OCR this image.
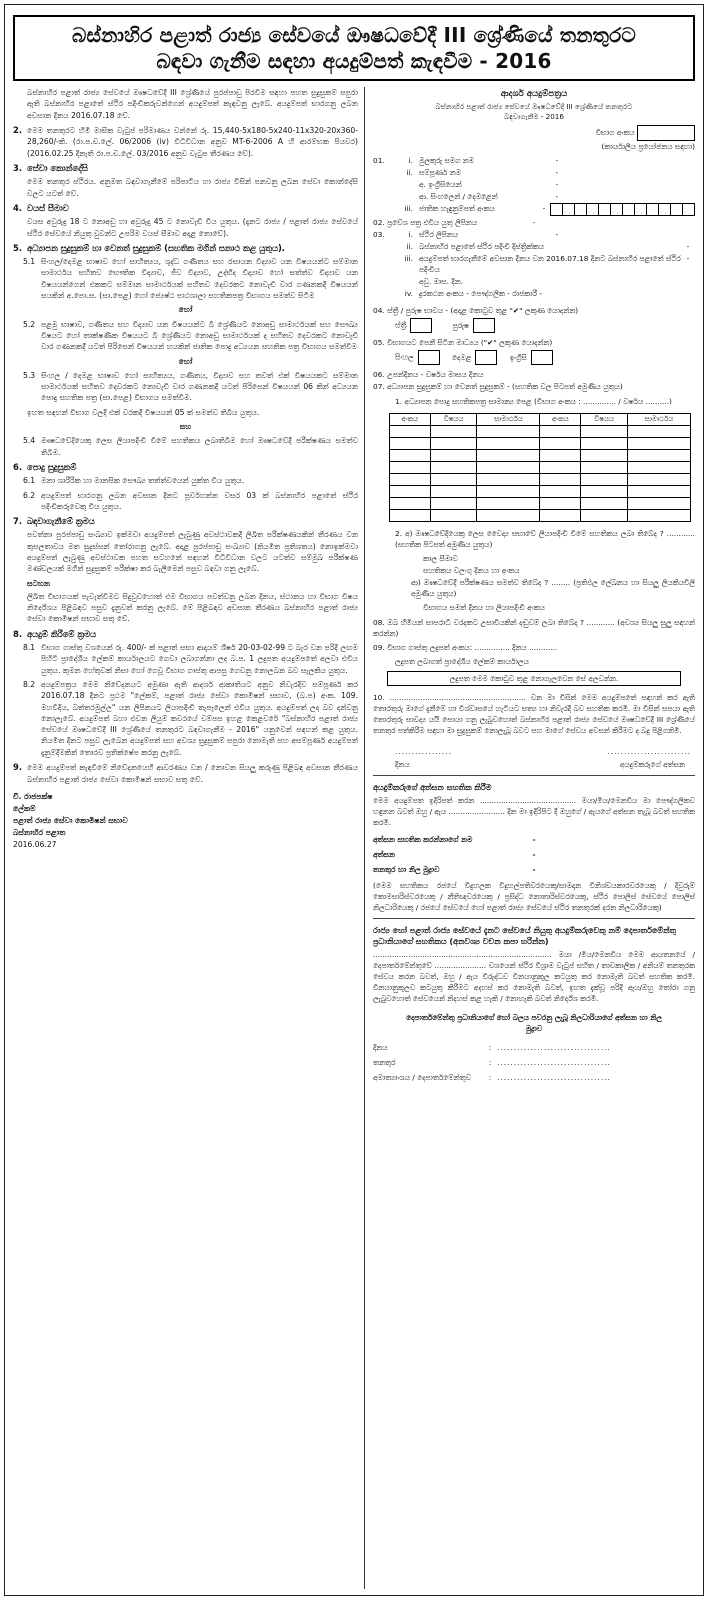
බස්නාහිර පළාත් රාජ්‍ය සේවයේ ඖෂධවේදී III ශ්‍රේණියේ තනතුරට
බඳවා ගැනීම සඳහා අයදුම්පත් කැඳවීම - 2016
බස්නාහිර පළාත් රාජ්‍ය සේවයේ ඖෂධවේදී III ශ්‍රේණියේ පුරප්පාඩු පිරවීම සඳහා පහත සුදුසුකම් සපුරා ඇති බස්නාහිර පළාතේ ස්ථිර පදිංචිකරුවන්ගෙන් අයදුම්පත් කැඳවනු ලැබේ. අයදුම්පත් භාරගනු ලබන අවසාන දිනය 2016.07.18 වේ.
2. මෙම තනතුරට හිමි මාසික වැටුප් පරිමාණය වන්නේ රු. 15,440-5x180-5x240-11x320-20x360-28,260/-කි. (රා.ප.ච.ලේ. 06/2006 (iv) විධිවිධාන අනුව MT-6-2006 A හි ආරම්භක පියවර) (2016.02.25 දිනැති රා.ප.ච.ලේ. 03/2016 අනුව වැටුප තීරණය වේ).
3. සේවා කොන්දේසි
මෙම තනතුර ස්ථිරය. අනුමත බඳවාගැනීමේ පරිපාටිය හා රාජ්‍ය විසින් පනවනු ලබන සේවා කොන්දේසි වලට යටත් වේ.
4. වයස් සීමාව
වයස අවුරුදු 18 ට නොඅඩු හා අවුරුදු 45 ට නොවැඩි විය යුතුය. (දැනට රාජ්‍ය / පළාත් රාජ්‍ය සේවයේ ස්ථිර සේවයේ නියුතු වුවන්ට උපරිම වයස් සීමාව අදාළ නොවේ).
5. අධ්‍යාපන සුදුසුකම් හා වෙනත් සුදුසුකම් (සහතික මගින් සනාථ කළ යුතුය).
5.1 සිංහල/දෙමළ භාෂාව හෝ සාහිත්‍යය, ශුද්ධ ගණිතය සහ රසායන විද්‍යාව යන විෂයයන්ට සම්මාන සාමාර්ථය සහිතව භෞතික විද්‍යාව, ජීව විද්‍යාව, උද්භිද විද්‍යාව හෝ සත්ත්ව විද්‍යාව යන විෂයයන්ගෙන් එකකට සම්මාන සාමාර්ථයක් සහිතව දෙවරකට නොවැඩි වාර ගණනකදී විෂයයන් සයකින් අ.පො.ස. (සා.පෙළ) හෝ ජ්‍යෙෂ්ඨ පාඨශාලා සහතිකපත්‍ර විභාගය සමත්ව සිටීම
හෝ
5.2 පළමු භාෂාව, ගණිතය සහ විද්‍යාව යන විෂයයන්ට බී ශ්‍රේණියට නොඅඩු සාමාර්ථයක් සහ සෞඛ්‍ය විෂයට හෝ තාක්ෂණික විෂයයට බී ශ්‍රේණියට නොඅඩු සාමාර්ථයක් ද සහිතව දෙවරකට නොවැඩි වාර ගණනකදී යටත් පිරිසෙන් විෂයයන් හයකින් ජාතික පොදු අධ්‍යයන සහතික පත්‍ර විභාගය සමත්වීම
හෝ
5.3 සිංහල / දෙමළ භාෂාව හෝ සාහිත්‍යය, ගණිතය, විද්‍යාව සහ තවත් එක් විෂයයකට සම්මාන සාමාර්ථයක් සහිතව දෙවරකට නොවැඩි වාර ගණනකදී යටත් පිරිසෙන් විෂයයන් 06 කින් අධ්‍යයන පොදු සහතික පත්‍ර (සා.පෙළ) විභාගය සමත්වීම.
ඉහත සඳහන් විභාග වලදී එක් වරකදී විෂයයන් 05 ක් සමත්ව තිබිය යුතුය.
සහ
5.4 ඖෂධවේදියෙකු ලෙස ලියාපදිංචි වීමේ සහතිකය ලබාතිබීම හෝ ඖෂධවේදී පරීක්ෂණය සමත්ව තිබීම.
6. පොදු සුදුසුකම්
6.1 මනා ශාරීරික හා මානසික සෞඛ්‍ය තත්ත්වයෙන් යුක්ත විය යුතුය.
6.2 අයදුම්පත් භාරගනු ලබන අවසාන දිනට පූර්වහන්න වසර 03 ක් බස්නාහිර පළාතේ ස්ථිර පදිංචිකරුවෙකු විය යුතුය.
7. බඳවාගැනීමේ ක්‍රමය
පවත්නා පුරප්පාඩු සංඛ්‍යාව ඉක්මවා අයදුම්පත් ලැබුණු අවස්ථාවකදී ලිඛිත පරීක්ෂණයකින් තීරණය වන කුසලතාවය මත සුදුස්සන් තෝරාගනු ලැබේ. අදාළ පුරප්පාඩු සංඛ්‍යාව (නියමිත ප්‍රතිශතය) නොඉක්මවා අයදුම්පත් ලැබුණු අවස්ථාවක පහත සටහනේ සඳහන් විධිවිධාන වලට යටත්ව සම්මුඛ පරීක්ෂණ මණ්ඩලයක් මගින් සුදුසුකම් පරීක්ෂා කර බැලීමෙන් පසුව බඳවා ගනු ලැබේ.
සටහන
ලිඛිත විභාගයක් පැවැත්වීමට සිදුවුවහොත් එම විභාගය පවත්වනු ලබන දිනය, ස්ථානය හා විභාග විෂය නිර්දේශය පිළිබඳව පසුව දැනුවත් කරනු ලැබේ. මේ පිළිබඳව අවසාන තීරණය බස්නාහිර පළාත් රාජ්‍ය සේවා කොමිෂන් සභාව සතු වේ.
8. අයදුම් කිරීමේ ක්‍රමය
8.1 විභාග ගාස්තු වශයෙන් රු. 400/- ක් පළාත් සභා ආදායම් ශීර්ෂ 20-03-02-99 ට බැර වන පරිදි ලඟම පිහිටි ප්‍රාදේශීය ලේකම් කාර්යාලයට ගෙවා ලබාගන්නා ලද බ.ප. 1 ලදුපත අයදුම්පතේ අලවා එවිය යුතුය. කුමන හේතුවක් නිසා හෝ ගෙවූ විභාග ගාස්තු ආපසු ගෙවනු නොලබන බව සැලකිය යුතුය.
8.2 අයදුම්පත්‍රය මෙම නිවේදනයට අමුණා ඇති ආදර්ශ ආකෘතියට අනුව නිවැරදිව සම්පූර්ණ කර 2016.07.18 දිනට ප්‍රථම "ලේකම්, පළාත් රාජ්‍ය සේවා කොමිෂන් සභාව, (බ.ප) අංක. 109. මහවීදිය, බත්තරමුල්ල" යන ලිපිනයට ලියාපදිංචි තැපෑලෙන් එවිය යුතුය. අයදුම්පත් ලද බව දන්වනු නොලැබේ. අයදුම්පත් බහා එවන ලියුම් කවරයේ වම්පස ඉහළ කෙළවරේ "බස්නාහිර පළාත් රාජ්‍ය සේවයේ ඖෂධවේදී III ශ්‍රේණියේ තනතුරට බඳවාගැනීම - 2016" යනුවෙන් සඳහන් කළ යුතුය. නියමිත දිනට පසුව ලැබෙන අයදුම්පත් සහ අවශ්‍ය සුදුසුකම් සපුරා නොමැති සහ අසම්පූර්ණ අයදුම්පත් දැනුම්දීමකින් තොරව ප්‍රතික්ෂේප කරනු ලැබේ.
9. මෙම අයදුම්පත් කැඳවීමේ නිවේදනයෙහි ආවරණය වන / නොවන සියලු කරුණු පිළිබඳ අවසාන තීරණය බස්නාහිර පළාත් රාජ්‍ය සේවා කොමිෂන් සභාව සතු වේ.
වී. රාජපක්ෂ
ලේකම්
පළාත් රාජ්‍ය සේවා කොමිෂන් සභාව
බස්නාහිර පළාත
2016.06.27
ආදර්ශ අයදුම්පත්‍රය
බස්නාහිර පළාත් රාජ්‍ය සේවයේ ඖෂධවේදී III ශ්‍රේණියේ තනතුරට
බඳවාගැනීම - 2016
විභාග අංකය
(කාර්යාලීය ප්‍රයෝජනය සඳහා)
01.	i. මුලකුරු සමග නම	-
ii. සම්පූර්ණ නම	-
අ. ඉංග්‍රීසියෙන්	-
ආ. සිංහලෙන් / දෙමළෙන්	-
iii. ජාතික හැඳුනුම්පත් අංකය	-
02. ප්‍රවේශ පත්‍ර එවිය යුතු ලිපිනය	-
03.	i. ස්ථිර ලිපිනය	-
ii. බස්නාහිර පළාතේ ස්ථිර පදිංචි දිස්ත්‍රික්කය	-
iii. අයදුම්පත් භාරගැනීමේ අවසාන දිනය වන 2016.07.18 දිනට බස්නාහිර පළාතේ ස්ථිර පදිංචිය
-
අවු. මාස. දින.
iv. දුරකථන අංකය - පෞද්ගලික - රාජකාරී -
04. ස්ත්‍රී / පුරුෂ භාවය - (අදාළ කොටුව තුළ "✔" ලකුණ යොදන්න)
ස්ත්‍රී	පුරුෂ
05. විභාගයට පෙනී සිටින මාධ්‍යය ("✔" ලකුණ යොදන්න)
සිංහල	දෙමළ	ඉංග්‍රීසි
06. උපන්දිනය - වර්ෂය මාසය දිනය
07. අධ්‍යාපන සුදුසුකම් හා වෙනත් සුදුසුකම් - (සහතික වල පිටපත් අමුණිය යුතුය)
1. අධ්‍යාපන පොදු සහතිකපත්‍ර සාමාන්‍ය පෙළ (විභාග අංකය : .............. / වර්ෂය ..........)
අංකය	විෂයය	සාමාර්ථය	අංකය	විෂයය	සාමාර්ථය

2. අ) ඖෂධවේදියෙකු ලෙස වෛද්‍ය සභාවේ ලියාපදිංචි වීමේ සහතිකය ලබා තිබේද ? ............ (සහතික පිටපත් අමුණිය යුතුය)
කාල සීමාව
සහතිකය වලංගු දිනය හා අංකය
ආ) ඖෂධවේදී පරීක්ෂණය සමත්ව තිබේද ? ........ (ප්‍රතිඵල ලේඛනය හා සියලු ලියකියවිලි අමුණිය යුතුය)
විභාගය සමත් දිනය හා ලියාපදිංචි අංකය
08. ඔබ හිමියන් සාපරාධී වරදකට උසාවියකින් දඬුවම් ලබා තිබේද ? ............ (අවශ්‍ය සියලු සුලු සඳහන් කරන්න)
09. විභාග ගාස්තු ලදුපත් අංකය: ............... දිනය ............
ලදුපත ලබාගත් ප්‍රාදේශීය ලේකම් කාර්යාලය
ලදුපත මෙම කොටුව තුළ නොගැලවෙන සේ අලවන්න.
10. .......................................................... වන මා විසින් මෙම අයදුම්පතේ සඳහන් කර ඇති තොරතුරු මාගේ දැනීමේ හා විශ්වාසයේ හැටියට සත්‍ය හා නිවැරදි බව සහතික කරමි. මා විසින් සපයා ඇති තොරතුරු සාවද්‍ය යයි සොයා ගනු ලැබුවහොත් බස්නාහිර පළාත් රාජ්‍ය සේවයේ ඖෂධවේදී III ශ්‍රේණියේ තනතුර පත්කිරීම සඳහා මා සුදුසුකම් නොලැබූ බවට සහ මාගේ සේවය අවසන් කිරීමට ද බදු පිළිගනිමි.
.................	.........................
දිනය	අයදුම්කරුගේ අත්සන
අයදුම්කරුගේ අත්සන සහතික කිරීම
මෙම අයදුම්පත ඉදිරිපත් කරන ......................................... මයා/මිය/මෙනවිය මා පෞද්ගලිකව හඳුනන බවත් ඔහු / ඇය ........................ දින මා ඉදිරිපිට දී ඔහුගේ / ඇයගේ අත්සන තැබූ බවත් සහතික කරමි.
අත්සන සහතික කරන්නාගේ නම	-
අත්සන	-
තනතුර හා නිල මුද්‍රාව	-
(මෙම සහතිකය රජයේ විදුහලක විදුහල්පතිවරයෙකු/සාමදාන විනිශ්චයකාරවරයෙකු / දිවුරුම් කොමසාරිස්වරයෙකු / නීතිඥවරයෙකු / ප්‍රසිද්ධ නොතාරිස්වරයෙකු, ස්ථිර පොලිස් සේවයේ පොලිස් නිලධාරියෙකු / රජයේ සේවයේ හෝ පළාත් රාජ්‍ය සේවයේ ස්ථිර තනතුරක් දරන නිලධාරියෙකු)
රාජ්‍ය හෝ පළාත් රාජ්‍ය සේවයේ දැනට සේවයේ නියුතු අයදුම්කරුවෙකු නම් දෙපාර්තමේන්තු ප්‍රධානියාගේ සහතිකය (අනවශ්‍ය වචන කපා හරින්න)
............................................................................ මයා /මිය/මෙනවිය මෙම ආයතනයේ / දෙපාර්තමේන්තුවේ ...................... වශයෙන් ස්ථිර විශ්‍රාම වැටුප් සහිත / තාවකාලික / අනියම් තනතුරක සේවය කරන බවත්, ඔහු / ඇය විරුද්ධව විනයානුකූල කටයුතු කර නොමැති බවත් සහතික කරමි. විනයානුකූලව කටයුතු කිරීමට අදහස් කර නොමැති බවත්, ඉහත දැක්වූ පරිදි ඇය/ඔහු තෝරා ගනු ලැබුවහොත් සේවයෙන් නිදහස් කළ හැකි / නොහැකි බවත් නිර්දේශ කරමි.
දෙපාර්තමේන්තු ප්‍රධානියාගේ හෝ බලය පවරනු ලැබූ නිලධාරියාගේ අත්සන හා නිල මුද්‍රාව
දිනය	: ..................................
තනතුර	: ..................................
අමාත්‍යාංශය / දෙපාර්තමේන්තුව	: ..................................
